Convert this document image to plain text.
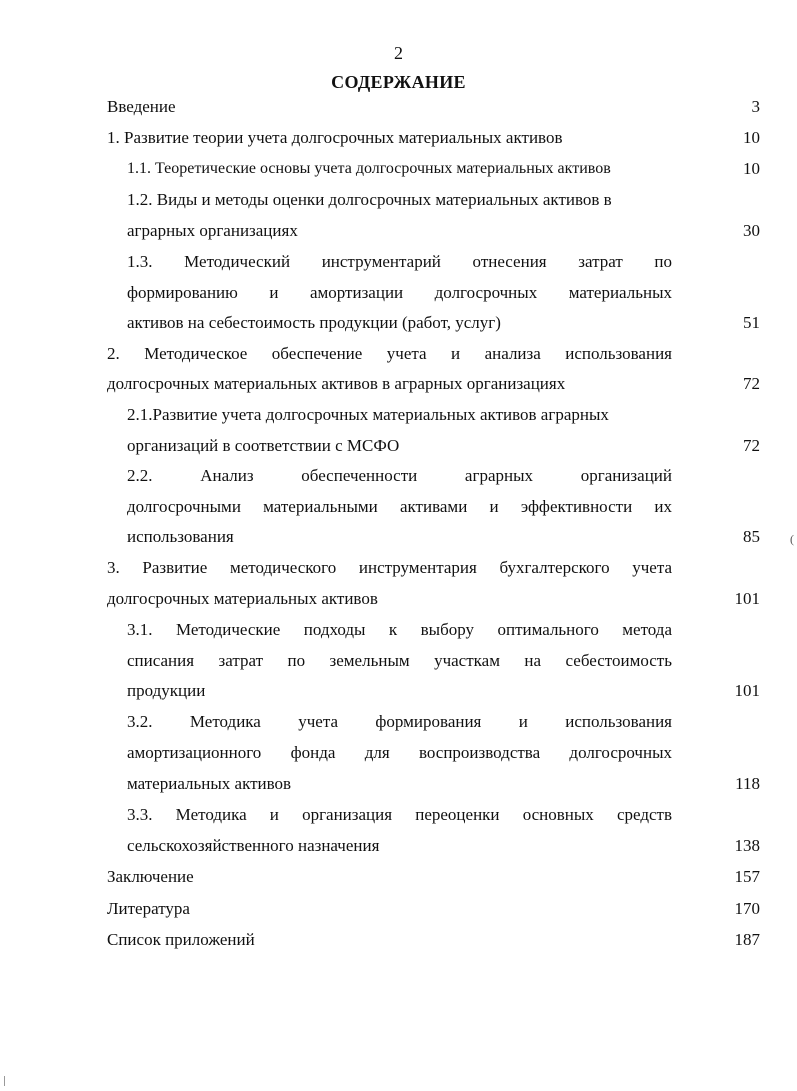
2
СОДЕРЖАНИЕ
Введение	3
1. Развитие теории учета долгосрочных материальных активов	10
1.1. Теоретические основы учета долгосрочных материальных активов	10
1.2. Виды и методы оценки долгосрочных материальных активов в
аграрных организациях	30
1.3. Методический инструментарий отнесения затрат по
формированию и амортизации долгосрочных материальных
активов на себестоимость продукции (работ, услуг)	51
2. Методическое обеспечение учета и анализа использования
долгосрочных материальных активов в аграрных организациях	72
2.1.Развитие учета долгосрочных материальных активов аграрных
организаций в соответствии с МСФО	72
2.2. Анализ обеспеченности аграрных организаций
долгосрочными материальными активами и эффективности их
использования	85
3. Развитие методического инструментария бухгалтерского учета
долгосрочных материальных активов	101
3.1. Методические подходы к выбору оптимального метода
списания затрат по земельным участкам на себестоимость
продукции	101
3.2. Методика учета формирования и использования
амортизационного фонда для воспроизводства долгосрочных
материальных активов	118
3.3. Методика и организация переоценки основных средств
сельскохозяйственного назначения	138
Заключение	157
Литература	170
Список приложений	187
(
